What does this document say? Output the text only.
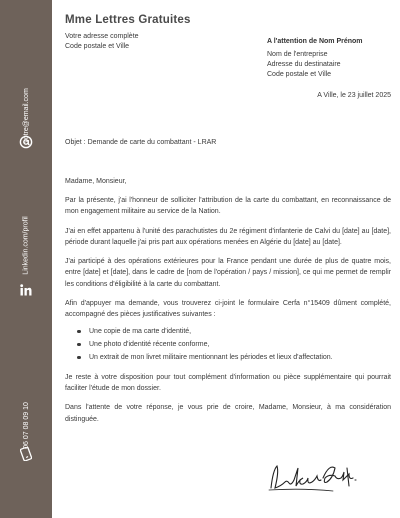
votre@email.com
Linkedin.com/profil
06 07 08 09 10
Mme Lettres Gratuites
Votre adresse complète
Code postale et Ville
A l'attention de Nom Prénom
Nom de l'entreprise
Adresse du destinataire
Code postale et Ville
A Ville, le 23 juillet 2025
Objet : Demande de carte du combattant - LRAR
Madame, Monsieur,

Par la présente, j'ai l'honneur de solliciter l'attribution de la carte du combattant, en reconnaissance de mon engagement militaire au service de la Nation.

J'ai en effet appartenu à l'unité des parachutistes du 2e régiment d'infanterie de Calvi du [date] au [date], période durant laquelle j'ai pris part aux opérations menées en Algérie du [date] au [date].

J'ai participé à des opérations extérieures pour la France pendant une durée de plus de quatre mois, entre [date] et [date], dans le cadre de [nom de l'opération / pays / mission], ce qui me permet de remplir les conditions d'éligibilité à la carte du combattant.

Afin d'appuyer ma demande, vous trouverez ci-joint le formulaire Cerfa n°15409 dûment complété, accompagné des pièces justificatives suivantes :

Une copie de ma carte d'identité,
Une photo d'identité récente conforme,
Un extrait de mon livret militaire mentionnant les périodes et lieux d'affectation.

Je reste à votre disposition pour tout complément d'information ou pièce supplémentaire qui pourrait faciliter l'étude de mon dossier.

Dans l'attente de votre réponse, je vous prie de croire, Madame, Monsieur, à ma considération distinguée.
